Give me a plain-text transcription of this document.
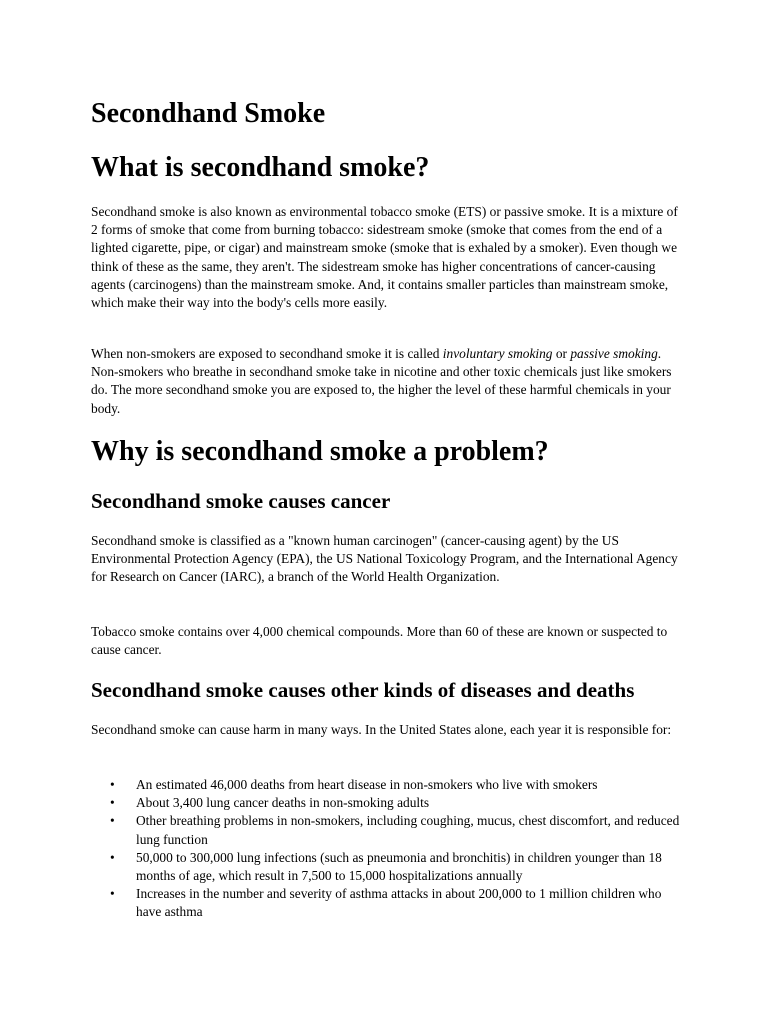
Secondhand Smoke
What is secondhand smoke?

Secondhand smoke is also known as environmental tobacco smoke (ETS) or passive smoke. It is a mixture of 2 forms of smoke that come from burning tobacco: sidestream smoke (smoke that comes from the end of a lighted cigarette, pipe, or cigar) and mainstream smoke (smoke that is exhaled by a smoker). Even though we think of these as the same, they aren't. The sidestream smoke has higher concentrations of cancer-causing agents (carcinogens) than the mainstream smoke. And, it contains smaller particles than mainstream smoke, which make their way into the body's cells more easily.

When non-smokers are exposed to secondhand smoke it is called involuntary smoking or passive smoking. Non-smokers who breathe in secondhand smoke take in nicotine and other toxic chemicals just like smokers do. The more secondhand smoke you are exposed to, the higher the level of these harmful chemicals in your body.

Why is secondhand smoke a problem?
Secondhand smoke causes cancer

Secondhand smoke is classified as a "known human carcinogen" (cancer-causing agent) by the US Environmental Protection Agency (EPA), the US National Toxicology Program, and the International Agency for Research on Cancer (IARC), a branch of the World Health Organization.

Tobacco smoke contains over 4,000 chemical compounds. More than 60 of these are known or suspected to cause cancer.

Secondhand smoke causes other kinds of diseases and deaths

Secondhand smoke can cause harm in many ways. In the United States alone, each year it is responsible for:

• An estimated 46,000 deaths from heart disease in non-smokers who live with smokers
• About 3,400 lung cancer deaths in non-smoking adults
• Other breathing problems in non-smokers, including coughing, mucus, chest discomfort, and reduced lung function
• 50,000 to 300,000 lung infections (such as pneumonia and bronchitis) in children younger than 18 months of age, which result in 7,500 to 15,000 hospitalizations annually
• Increases in the number and severity of asthma attacks in about 200,000 to 1 million children who have asthma
